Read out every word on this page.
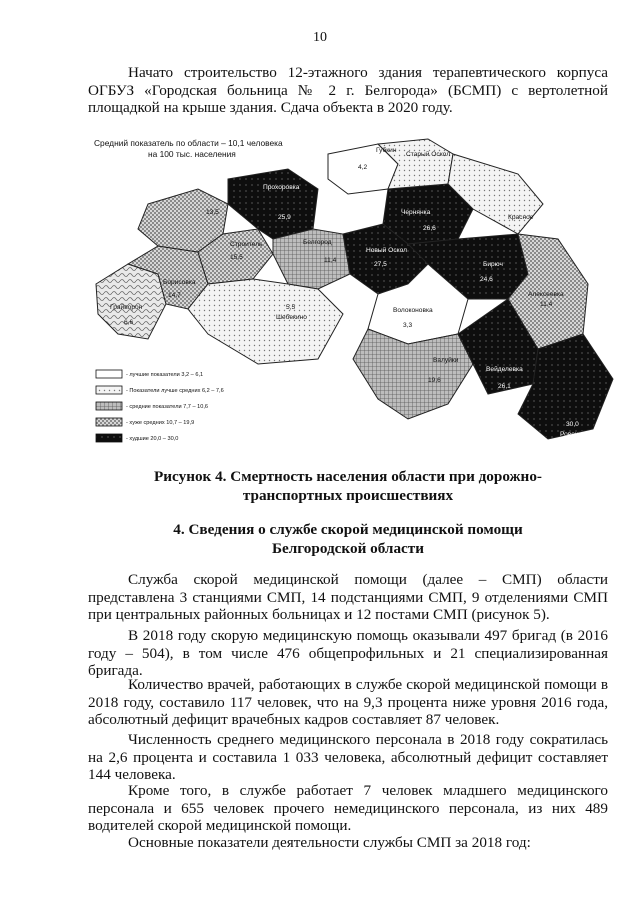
10

Начато строительство 12-этажного здания терапевтического корпуса ОГБУЗ «Городская больница № 2 г. Белгорода» (БСМП) с вертолетной площадкой на крыше здания. Сдача объекта в 2020 году.

Средний показатель по области – 10,1 человека
на 100 тыс. населения	Губкин
4,2
Старый Оскол
Прохоровка
25,9
Чернянка
26,6
Красное
Новый Оскол
27,5	Бирюч
24,6
Алексеевка
11,4
Строитель
15,5
Белгород
11,4
Борисовка
14,7
Грайворон
6,6
Шебекино
5,5	Волоконовка
3,3
Валуйки
19,6
Вейделевка
26,1
30,0
Ровеньки
13,5
- лучшие показатели 3,2 – 6,1
- Показатели лучше средних 6,2 – 7,6
- средние показатели 7,7 – 10,6
- хуже средних 10,7 – 19,9
- худшие 20,0 – 30,0

Рисунок 4. Смертность населения области при дорожно-

транспортных происшествиях

4. Сведения о службе скорой медицинской помощи

Белгородской области

Служба скорой медицинской помощи (далее – СМП) области представлена 3 станциями СМП, 14 подстанциями СМП, 9 отделениями СМП при центральных районных больницах и 12 постами СМП (рисунок 5).

В 2018 году скорую медицинскую помощь оказывали 497 бригад (в 2016 году – 504), в том числе 476 общепрофильных и 21 специализированная бригада.

Количество врачей, работающих в службе скорой медицинской помощи в 2018 году, составило 117 человек, что на 9,3 процента ниже уровня 2016 года, абсолютный дефицит врачебных кадров составляет 87 человек.

Численность среднего медицинского персонала в 2018 году сократилась на 2,6 процента и составила 1 033 человека, абсолютный дефицит составляет 144 человека.

Кроме того, в службе работает 7 человек младшего медицинского персонала и 655 человек прочего немедицинского персонала, из них 489 водителей скорой медицинской помощи.

Основные показатели деятельности службы СМП за 2018 год:
